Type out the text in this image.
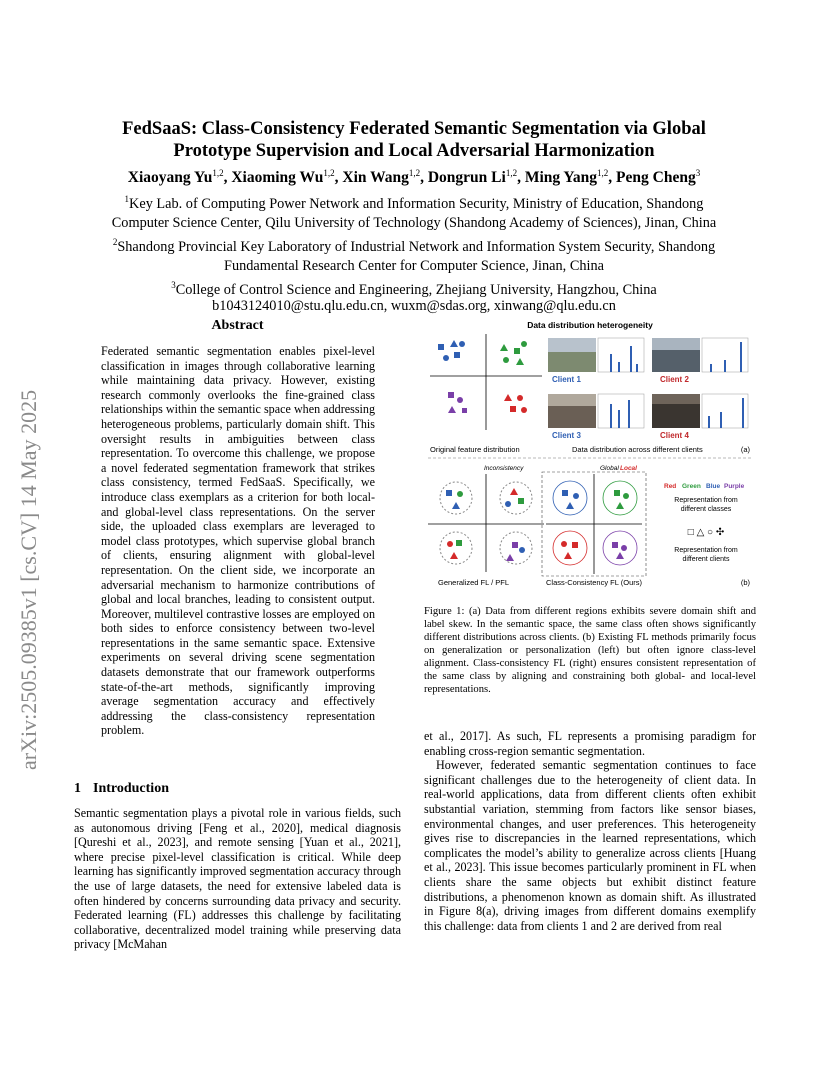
arXiv:2505.09385v1 [cs.CV] 14 May 2025
FedSaaS: Class-Consistency Federated Semantic Segmentation via Global
Prototype Supervision and Local Adversarial Harmonization
Xiaoyang Yu$^{1,2}$, Xiaoming Wu$^{1,2}$, Xin Wang$^{1,2}$, Dongrun Li$^{1,2}$, Ming Yang$^{1,2}$, Peng Cheng$^3$
$^1$Key Lab. of Computing Power Network and Information Security, Ministry of Education, Shandong
Computer Science Center, Qilu University of Technology (Shandong Academy of Sciences), Jinan, China
$^2$Shandong Provincial Key Laboratory of Industrial Network and Information System Security, Shandong
Fundamental Research Center for Computer Science, Jinan, China
$^3$College of Control Science and Engineering, Zhejiang University, Hangzhou, China
b1043124010@stu.qlu.edu.cn, wuxm@sdas.org, xinwang@qlu.edu.cn
Abstract
Federated semantic segmentation enables pixel-level classification in images through collaborative learning while maintaining data privacy. However, existing research commonly overlooks the fine-grained class relationships within the semantic space when addressing heterogeneous problems, particularly domain shift. This oversight results in ambiguities between class representation. To overcome this challenge, we propose a novel federated segmentation framework that strikes class consistency, termed FedSaaS. Specifically, we introduce class exemplars as a criterion for both local- and global-level class representations. On the server side, the uploaded class exemplars are leveraged to model class prototypes, which supervise global branch of clients, ensuring alignment with global-level representation. On the client side, we incorporate an adversarial mechanism to harmonize contributions of global and local branches, leading to consistent output. Moreover, multilevel contrastive losses are employed on both sides to enforce consistency between two-level representations in the same semantic space. Extensive experiments on several driving scene segmentation datasets demonstrate that our framework outperforms state-of-the-art methods, significantly improving average segmentation accuracy and effectively addressing the class-consistency representation problem.
1 Introduction
Semantic segmentation plays a pivotal role in various fields, such as autonomous driving [Feng et al., 2020], medical diagnosis [Qureshi et al., 2023], and remote sensing [Yuan et al., 2021], where precise pixel-level classification is critical. While deep learning has significantly improved segmentation accuracy through the use of large datasets, the need for extensive labeled data is often hindered by concerns surrounding data privacy and security. Federated learning (FL) addresses this challenge by facilitating collaborative, decentralized model training while preserving data privacy [McMahan
Data distribution heterogeneity
Client 1	Client 2
Client 3	Client 4
Original feature distribution	Data distribution across different clients	(a)
Inconsistency	Global Local
Red Green Blue Purple
Representation from
different classes
□ △ ○ ✣
Representation from
different clients
Generalized FL / PFL	Class-Consistency FL (Ours)	(b)
Figure 1: (a) Data from different regions exhibits severe domain shift and label skew. In the semantic space, the same class often shows significantly different distributions across clients. (b) Existing FL methods primarily focus on generalization or personalization (left) but often ignore class-level alignment. Class-consistency FL (right) ensures consistent representation of the same class by aligning and constraining both global- and local-level representations.

et al., 2017]. As such, FL represents a promising paradigm for enabling cross-region semantic segmentation.

However, federated semantic segmentation continues to face significant challenges due to the heterogeneity of client data. In real-world applications, data from different clients often exhibit substantial variation, stemming from factors like sensor biases, environmental changes, and user preferences. This heterogeneity gives rise to discrepancies in the learned representations, which complicates the model’s ability to generalize across clients [Huang et al., 2023]. This issue becomes particularly prominent in FL when clients share the same objects but exhibit distinct feature distributions, a phenomenon known as domain shift. As illustrated in Figure 8(a), driving images from different domains exemplify this challenge: data from clients 1 and 2 are derived from real
